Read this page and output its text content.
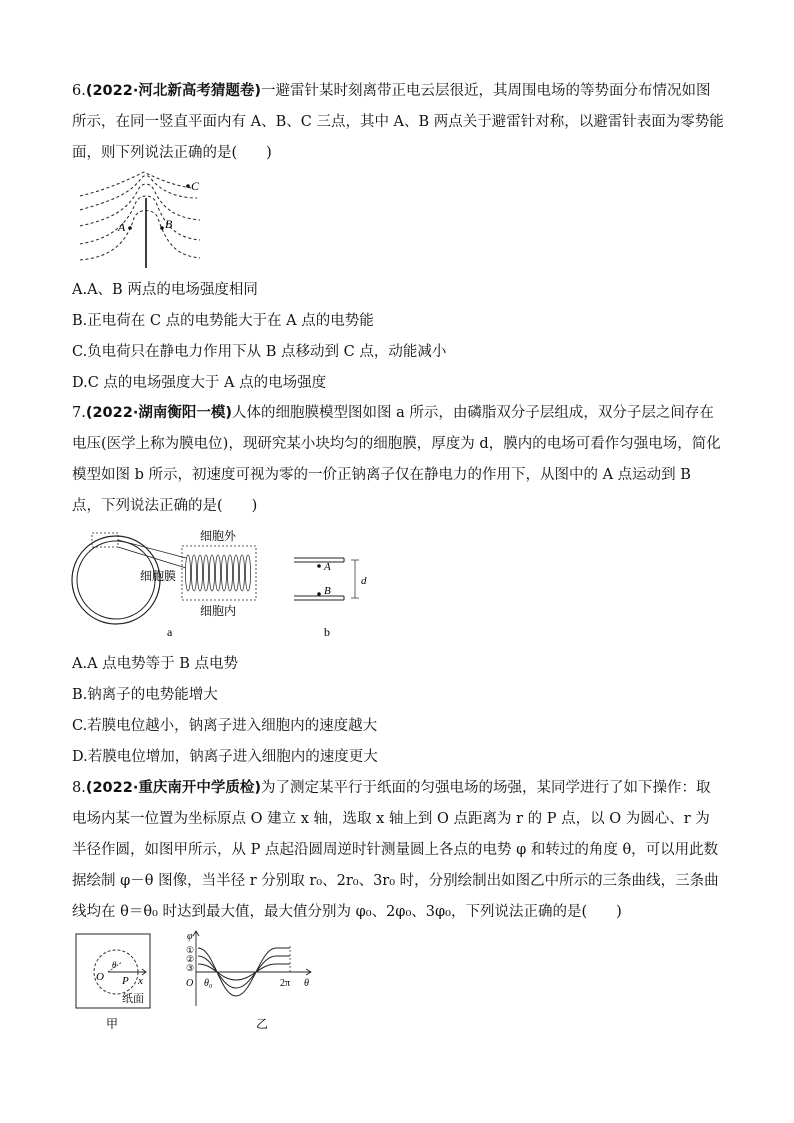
6.(2022·河北新高考猜题卷)一避雷针某时刻离带正电云层很近，其周围电场的等势面分布情况如图所示，在同一竖直平面内有 A、B、C 三点，其中 A、B 两点关于避雷针对称，以避雷针表面为零势能面，则下列说法正确的是(　　)
A	B
C
A.A、B 两点的电场强度相同
B.正电荷在 C 点的电势能大于在 A 点的电势能
C.负电荷只在静电力作用下从 B 点移动到 C 点，动能减小
D.C 点的电场强度大于 A 点的电场强度
7.(2022·湖南衡阳一模)人体的细胞膜模型图如图 a 所示，由磷脂双分子层组成，双分子层之间存在电压(医学上称为膜电位)，现研究某小块均匀的细胞膜，厚度为 d，膜内的电场可看作匀强电场，简化模型如图 b 所示，初速度可视为零的一价正钠离子仅在静电力的作用下，从图中的 A 点运动到 B 点，下列说法正确的是(　　)
细胞膜
细胞外
细胞内
a
A
B
d
b
A.A 点电势等于 B 点电势
B.钠离子的电势能增大
C.若膜电位越小，钠离子进入细胞内的速度越大
D.若膜电位增加，钠离子进入细胞内的速度更大
8.(2022·重庆南开中学质检)为了测定某平行于纸面的匀强电场的场强，某同学进行了如下操作：取电场内某一位置为坐标原点 O 建立 x 轴，选取 x 轴上到 O 点距离为 r 的 P 点，以 O 为圆心、r 为半径作圆，如图甲所示，从 P 点起沿圆周逆时针测量圆上各点的电势 φ 和转过的角度 θ，可以用此数据绘制 φ－θ 图像，当半径 r 分别取 r₀、2r₀、3r₀ 时，分别绘制出如图乙中所示的三条曲线，三条曲线均在 θ＝θ₀ 时达到最大值，最大值分别为 φ₀、2φ₀、3φ₀，下列说法正确的是(　　)
O P x
θ
纸面
甲
φ
①
②
③
O θ₀	2π θ
乙
